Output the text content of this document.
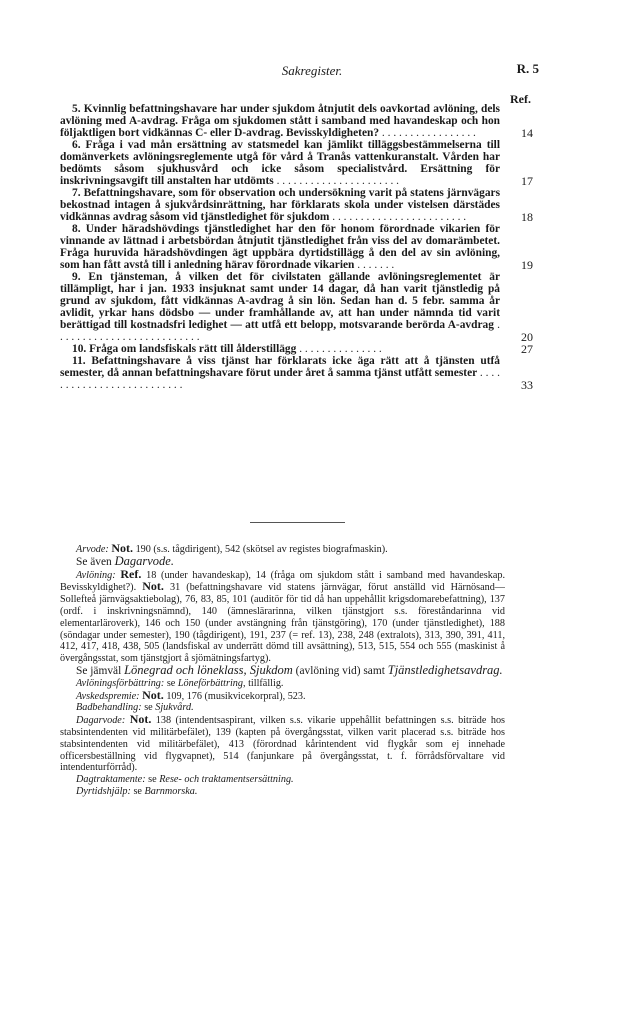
Sakregister.	R. 5
Ref.

5. Kvinnlig befattningshavare har under sjukdom åtnjutit dels oavkortad avlöning, dels avlöning med A-avdrag. Fråga om sjukdomen stått i samband med havandeskap och hon följaktligen bort vidkännas C- eller D-avdrag. Bevisskyldigheten? . . . . . . . . . . . . . . . . .	14

6. Fråga i vad mån ersättning av statsmedel kan jämlikt tilläggsbestämmelserna till domänverkets avlöningsreglemente utgå för vård å Tranås vattenkuranstalt. Vården har bedömts såsom sjukhusvård och icke såsom specialistvård. Ersättning för inskrivningsavgift till anstalten har utdömts . . . . . . . . . . . . . . . . . . . . . .	17

7. Befattningshavare, som för observation och undersökning varit på statens järnvägars bekostnad intagen å sjukvårdsinrättning, har förklarats skola under vistelsen därstädes vidkännas avdrag såsom vid tjänstledighet för sjukdom . . . . . . . . . . . . . . . . . . . . . . . .	18

8. Under häradshövdings tjänstledighet har den för honom förordnade vikarien för vinnande av lättnad i arbetsbördan åtnjutit tjänstledighet från viss del av domarämbetet. Fråga huruvida häradshövdingen ägt uppbära dyrtidstillägg å den del av sin avlöning, som han fått avstå till i anledning härav förordnade vikarien . . . . . . .	19

9. En tjänsteman, å vilken det för civilstaten gällande avlöningsreglementet är tillämpligt, har i jan. 1933 insjuknat samt under 14 dagar, då han varit tjänstledig på grund av sjukdom, fått vidkännas A-avdrag å sin lön. Sedan han d. 5 febr. samma år avlidit, yrkar hans dödsbo — under framhållande av, att han under nämnda tid varit berättigad till kostnadsfri ledighet — att utfå ett belopp, motsvarande berörda A-avdrag . . . . . . . . . . . . . . . . . . . . . . . . . .	20

10. Fråga om landsfiskals rätt till ålderstillägg . . . . . . . . . . . . . . .	27

11. Befattningshavare å viss tjänst har förklarats icke äga rätt att å tjänsten utfå semester, då annan befattningshavare förut under året å samma tjänst utfått semester . . . . . . . . . . . . . . . . . . . . . . . . . .	33

Arvode: Not. 190 (s.s. tågdirigent), 542 (skötsel av registes biografmaskin).

Se även Dagarvode.

Avlöning: Ref. 18 (under havandeskap), 14 (fråga om sjukdom stått i samband med havandeskap. Bevisskyldighet?). Not. 31 (befattningshavare vid statens järnvägar, förut anställd vid Härnösand—Sollefteå järnvägsaktiebolag), 76, 83, 85, 101 (auditör för tid då han uppehållit krigsdomarebefattning), 137 (ordf. i inskrivningsnämnd), 140 (ämneslärarinna, vilken tjänstgjort s.s. föreståndarinna vid elementarläroverk), 146 och 150 (under avstängning från tjänstgöring), 170 (under tjänstledighet), 188 (söndagar under semester), 190 (tågdirigent), 191, 237 (= ref. 13), 238, 248 (extralots), 313, 390, 391, 411, 412, 417, 418, 438, 505 (landsfiskal av underrätt dömd till avsättning), 513, 515, 554 och 555 (maskinist å övergångsstat, som tjänstgjort å sjömätningsfartyg).

Se jämväl Lönegrad och löneklass, Sjukdom (avlöning vid) samt Tjänstledighetsavdrag.

Avlöningsförbättring: se Löneförbättring, tillfällig.

Avskedspremie: Not. 109, 176 (musikvicekorpral), 523.

Badbehandling: se Sjukvård.

Dagarvode: Not. 138 (intendentsaspirant, vilken s.s. vikarie uppehållit befattningen s.s. biträde hos stabsintendenten vid militärbefälet), 139 (kapten på övergångsstat, vilken varit placerad s.s. biträde hos stabsintendenten vid militärbefälet), 413 (förordnad kårintendent vid flygkår som ej innehade officersbeställning vid flygvapnet), 514 (fanjunkare på övergångsstat, t. f. förrådsförvaltare vid intendenturförråd).

Dagtraktamente: se Rese- och traktamentsersättning.

Dyrtidshjälp: se Barnmorska.
